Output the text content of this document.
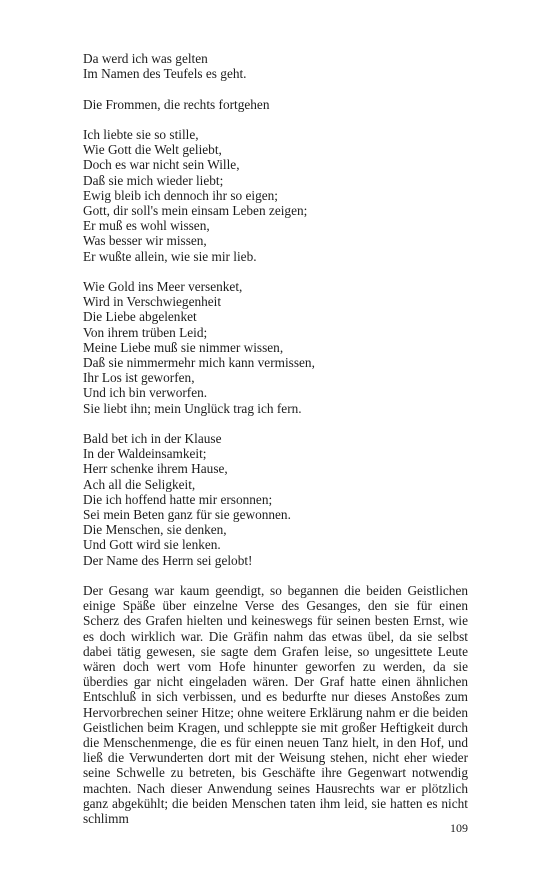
Da werd ich was gelten
Im Namen des Teufels es geht.
Die Frommen, die rechts fortgehen
Ich liebte sie so stille,
Wie Gott die Welt geliebt,
Doch es war nicht sein Wille,
Daß sie mich wieder liebt;
Ewig bleib ich dennoch ihr so eigen;
Gott, dir soll's mein einsam Leben zeigen;
Er muß es wohl wissen,
Was besser wir missen,
Er wußte allein, wie sie mir lieb.
Wie Gold ins Meer versenket,
Wird in Verschwiegenheit
Die Liebe abgelenket
Von ihrem trüben Leid;
Meine Liebe muß sie nimmer wissen,
Daß sie nimmermehr mich kann vermissen,
Ihr Los ist geworfen,
Und ich bin verworfen.
Sie liebt ihn; mein Unglück trag ich fern.
Bald bet ich in der Klause
In der Waldeinsamkeit;
Herr schenke ihrem Hause,
Ach all die Seligkeit,
Die ich hoffend hatte mir ersonnen;
Sei mein Beten ganz für sie gewonnen.
Die Menschen, sie denken,
Und Gott wird sie lenken.
Der Name des Herrn sei gelobt!

Der Gesang war kaum geendigt, so begannen die beiden Geistlichen einige Späße über einzelne Verse des Gesanges, den sie für einen Scherz des Grafen hielten und keineswegs für seinen besten Ernst, wie es doch wirklich war. Die Gräfin nahm das etwas übel, da sie selbst dabei tätig gewesen, sie sagte dem Grafen leise, so ungesittete Leute wären doch wert vom Hofe hinunter geworfen zu werden, da sie überdies gar nicht eingeladen wären. Der Graf hatte einen ähnlichen Entschluß in sich verbissen, und es bedurfte nur dieses Anstoßes zum Hervorbrechen seiner Hitze; ohne weitere Erklärung nahm er die beiden Geistlichen beim Kragen, und schleppte sie mit großer Heftigkeit durch die Menschenmenge, die es für einen neuen Tanz hielt, in den Hof, und ließ die Verwunderten dort mit der Weisung stehen, nicht eher wieder seine Schwelle zu betreten, bis Geschäfte ihre Gegenwart notwendig machten. Nach dieser Anwendung seines Hausrechts war er plötzlich ganz abgekühlt; die beiden Menschen taten ihm leid, sie hatten es nicht schlimm

109
